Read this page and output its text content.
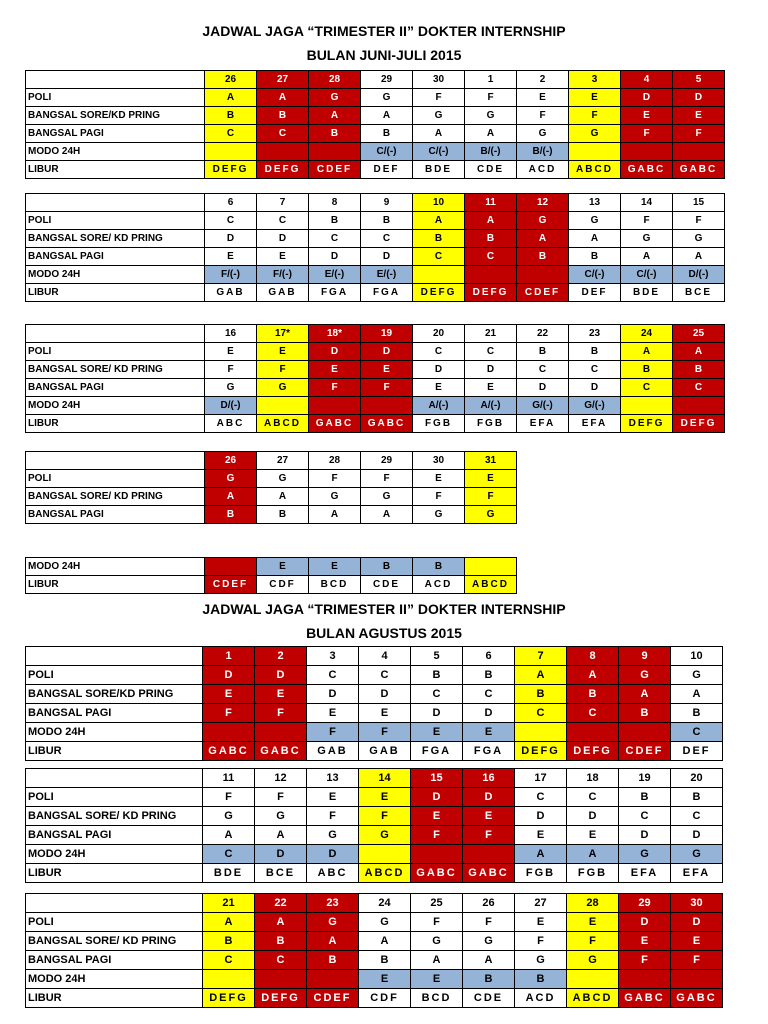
JADWAL JAGA “TRIMESTER II” DOKTER INTERNSHIP
BULAN JUNI-JULI 2015
	26	27	28	29	30	1	2	3	4	5
POLI	A	A	G	G	F	F	E	E	D	D
BANGSAL SORE/KD PRING	B	B	A	A	G	G	F	F	E	E
BANGSAL PAGI	C	C	B	B	A	A	G	G	F	F
MODO 24H				C/(-)	C/(-)	B/(-)	B/(-)			
LIBUR	DEFG	DEFG	CDEF	DEF	BDE	CDE	ACD	ABCD	GABC	GABC
	6	7	8	9	10	11	12	13	14	15
POLI	C	C	B	B	A	A	G	G	F	F
BANGSAL SORE/ KD PRING	D	D	C	C	B	B	A	A	G	G
BANGSAL PAGI	E	E	D	D	C	C	B	B	A	A
MODO 24H	F/(-)	F/(-)	E/(-)	E/(-)				C/(-)	C/(-)	D/(-)
LIBUR	GAB	GAB	FGA	FGA	DEFG	DEFG	CDEF	DEF	BDE	BCE
	16	17*	18*	19	20	21	22	23	24	25
POLI	E	E	D	D	C	C	B	B	A	A
BANGSAL SORE/ KD PRING	F	F	E	E	D	D	C	C	B	B
BANGSAL PAGI	G	G	F	F	E	E	D	D	C	C
MODO 24H	D/(-)				A/(-)	A/(-)	G/(-)	G/(-)		
LIBUR	ABC	ABCD	GABC	GABC	FGB	FGB	EFA	EFA	DEFG	DEFG
	26	27	28	29	30	31
POLI	G	G	F	F	E	E
BANGSAL SORE/ KD PRING	A	A	G	G	F	F
BANGSAL PAGI	B	B	A	A	G	G
MODO 24H		E	E	B	B	
LIBUR	CDEF	CDF	BCD	CDE	ACD	ABCD
JADWAL JAGA “TRIMESTER II” DOKTER INTERNSHIP
BULAN AGUSTUS 2015
	1	2	3	4	5	6	7	8	9	10
POLI	D	D	C	C	B	B	A	A	G	G
BANGSAL SORE/KD PRING	E	E	D	D	C	C	B	B	A	A
BANGSAL PAGI	F	F	E	E	D	D	C	C	B	B
MODO 24H			F	F	E	E				C
LIBUR	GABC	GABC	GAB	GAB	FGA	FGA	DEFG	DEFG	CDEF	DEF
	11	12	13	14	15	16	17	18	19	20
POLI	F	F	E	E	D	D	C	C	B	B
BANGSAL SORE/ KD PRING	G	G	F	F	E	E	D	D	C	C
BANGSAL PAGI	A	A	G	G	F	F	E	E	D	D
MODO 24H	C	D	D				A	A	G	G
LIBUR	BDE	BCE	ABC	ABCD	GABC	GABC	FGB	FGB	EFA	EFA
	21	22	23	24	25	26	27	28	29	30
POLI	A	A	G	G	F	F	E	E	D	D
BANGSAL SORE/ KD PRING	B	B	A	A	G	G	F	F	E	E
BANGSAL PAGI	C	C	B	B	A	A	G	G	F	F
MODO 24H				E	E	B	B			
LIBUR	DEFG	DEFG	CDEF	CDF	BCD	CDE	ACD	ABCD	GABC	GABC
